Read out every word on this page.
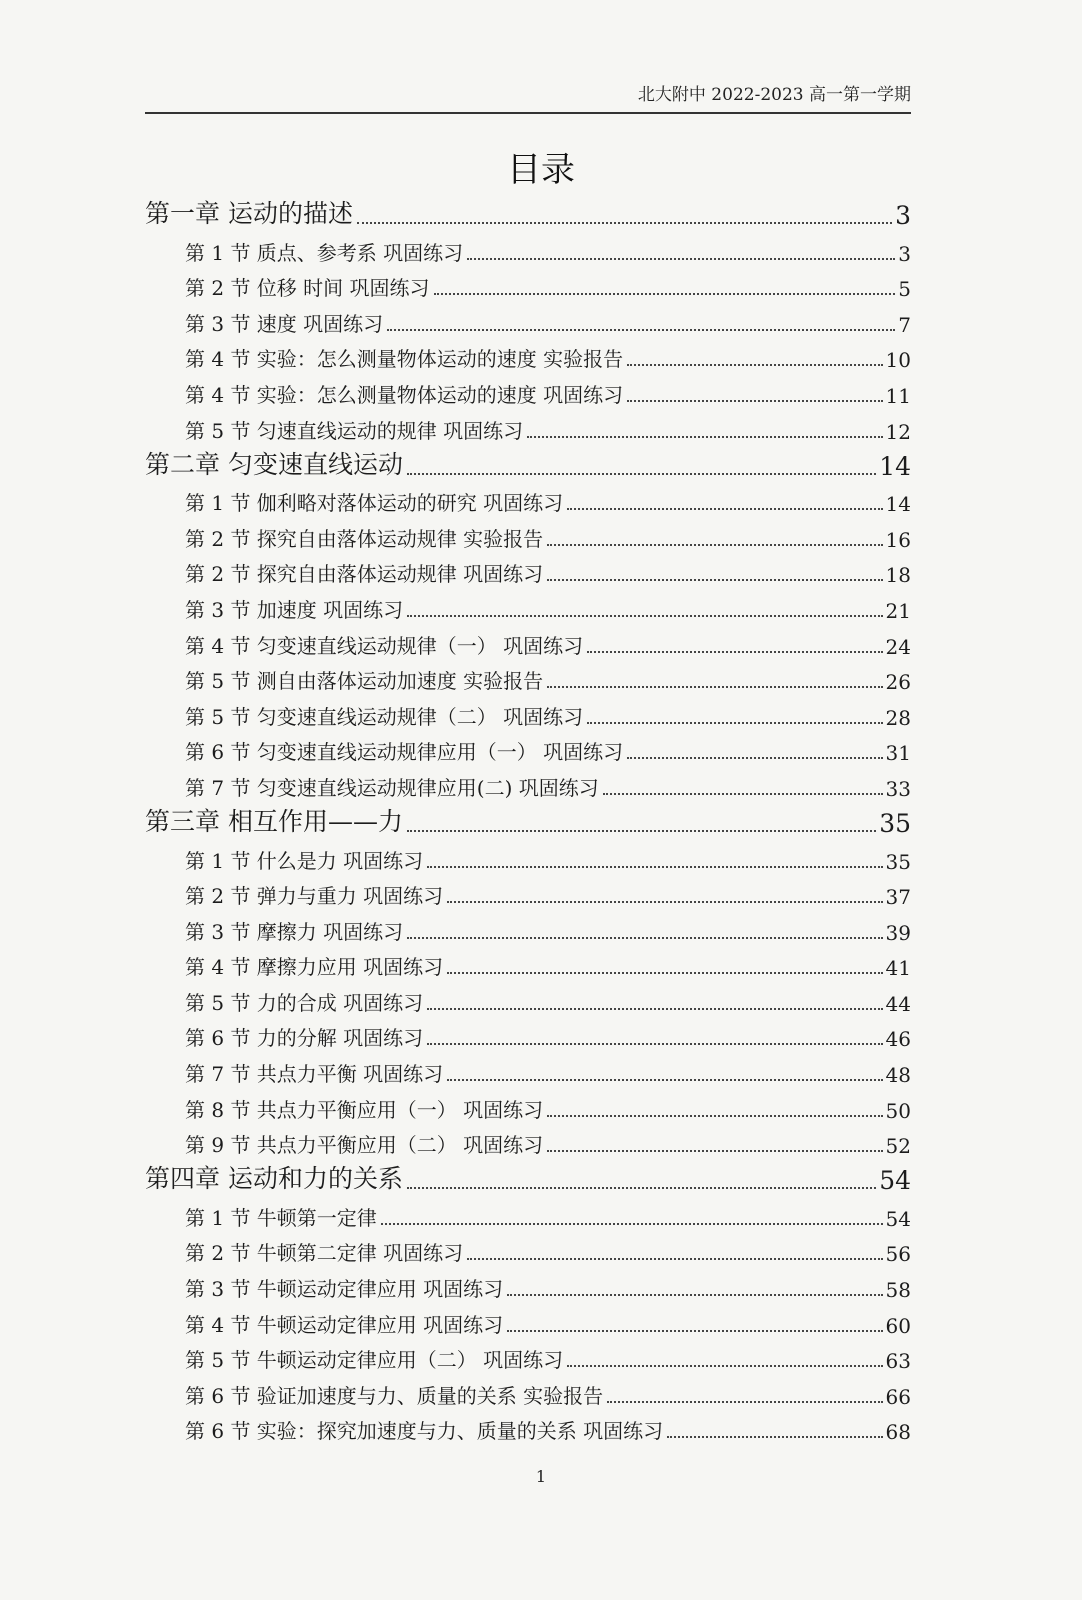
北大附中 2022-2023 高一第一学期
目录
第一章 运动的描述	3
第 1 节 质点、参考系 巩固练习	3
第 2 节 位移 时间 巩固练习	5
第 3 节 速度 巩固练习	7
第 4 节 实验：怎么测量物体运动的速度 实验报告	10
第 4 节 实验：怎么测量物体运动的速度 巩固练习	11
第 5 节 匀速直线运动的规律 巩固练习	12
第二章 匀变速直线运动	14
第 1 节 伽利略对落体运动的研究 巩固练习	14
第 2 节 探究自由落体运动规律 实验报告	16
第 2 节 探究自由落体运动规律 巩固练习	18
第 3 节 加速度 巩固练习	21
第 4 节 匀变速直线运动规律（一） 巩固练习	24
第 5 节 测自由落体运动加速度 实验报告	26
第 5 节 匀变速直线运动规律（二） 巩固练习	28
第 6 节 匀变速直线运动规律应用（一） 巩固练习	31
第 7 节 匀变速直线运动规律应用(二) 巩固练习	33
第三章 相互作用——力	35
第 1 节 什么是力 巩固练习	35
第 2 节 弹力与重力 巩固练习	37
第 3 节 摩擦力 巩固练习	39
第 4 节 摩擦力应用 巩固练习	41
第 5 节 力的合成 巩固练习	44
第 6 节 力的分解 巩固练习	46
第 7 节 共点力平衡 巩固练习	48
第 8 节 共点力平衡应用（一） 巩固练习	50
第 9 节 共点力平衡应用（二） 巩固练习	52
第四章 运动和力的关系	54
第 1 节 牛顿第一定律	54
第 2 节 牛顿第二定律 巩固练习	56
第 3 节 牛顿运动定律应用 巩固练习	58
第 4 节 牛顿运动定律应用 巩固练习	60
第 5 节 牛顿运动定律应用（二） 巩固练习	63
第 6 节 验证加速度与力、质量的关系 实验报告	66
第 6 节 实验：探究加速度与力、质量的关系 巩固练习	68
1
